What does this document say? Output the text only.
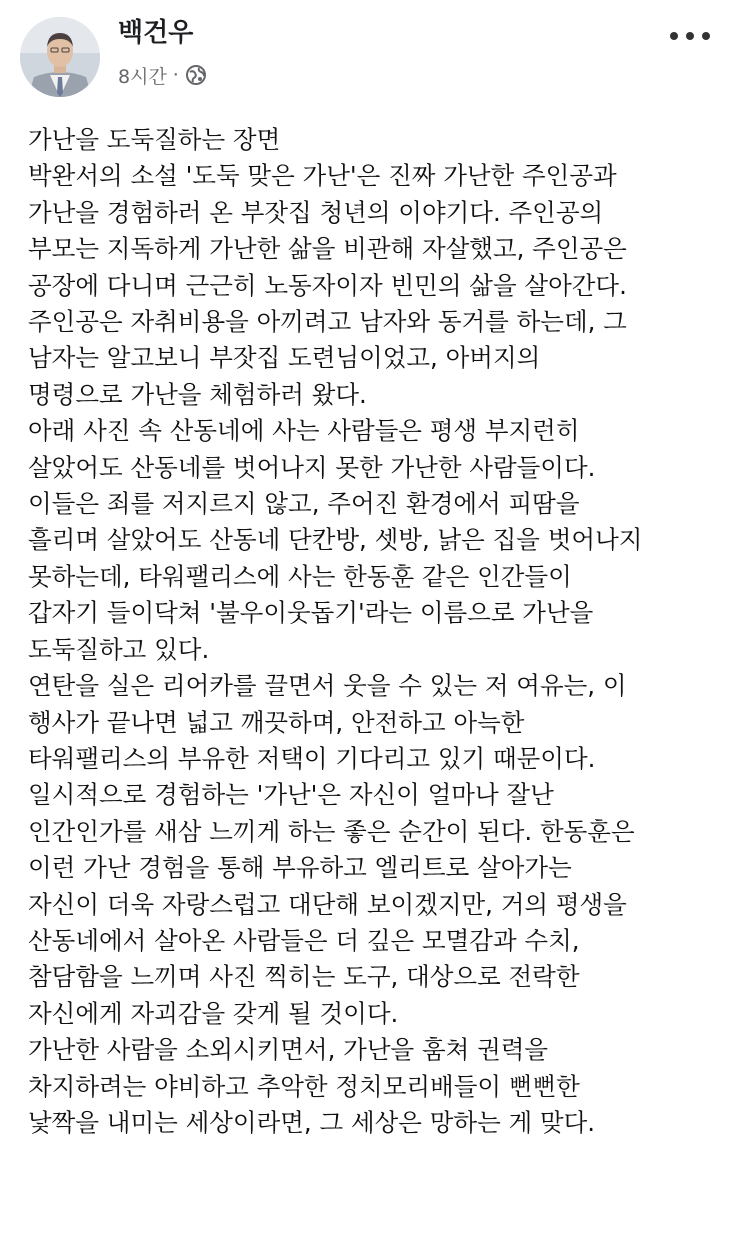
백건우
8시간 ·
가난을 도둑질하는 장면
박완서의 소설 '도둑 맞은 가난'은 진짜 가난한 주인공과
가난을 경험하러 온 부잣집 청년의 이야기다. 주인공의
부모는 지독하게 가난한 삶을 비관해 자살했고, 주인공은
공장에 다니며 근근히 노동자이자 빈민의 삶을 살아간다.
주인공은 자취비용을 아끼려고 남자와 동거를 하는데, 그
남자는 알고보니 부잣집 도련님이었고, 아버지의
명령으로 가난을 체험하러 왔다.
아래 사진 속 산동네에 사는 사람들은 평생 부지런히
살았어도 산동네를 벗어나지 못한 가난한 사람들이다.
이들은 죄를 저지르지 않고, 주어진 환경에서 피땀을
흘리며 살았어도 산동네 단칸방, 셋방, 낡은 집을 벗어나지
못하는데, 타워팰리스에 사는 한동훈 같은 인간들이
갑자기 들이닥쳐 '불우이웃돕기'라는 이름으로 가난을
도둑질하고 있다.
연탄을 실은 리어카를 끌면서 웃을 수 있는 저 여유는, 이
행사가 끝나면 넓고 깨끗하며, 안전하고 아늑한
타워팰리스의 부유한 저택이 기다리고 있기 때문이다.
일시적으로 경험하는 '가난'은 자신이 얼마나 잘난
인간인가를 새삼 느끼게 하는 좋은 순간이 된다. 한동훈은
이런 가난 경험을 통해 부유하고 엘리트로 살아가는
자신이 더욱 자랑스럽고 대단해 보이겠지만, 거의 평생을
산동네에서 살아온 사람들은 더 깊은 모멸감과 수치,
참담함을 느끼며 사진 찍히는 도구, 대상으로 전락한
자신에게 자괴감을 갖게 될 것이다.
가난한 사람을 소외시키면서, 가난을 훔쳐 권력을
차지하려는 야비하고 추악한 정치모리배들이 뻔뻔한
낯짝을 내미는 세상이라면, 그 세상은 망하는 게 맞다.
